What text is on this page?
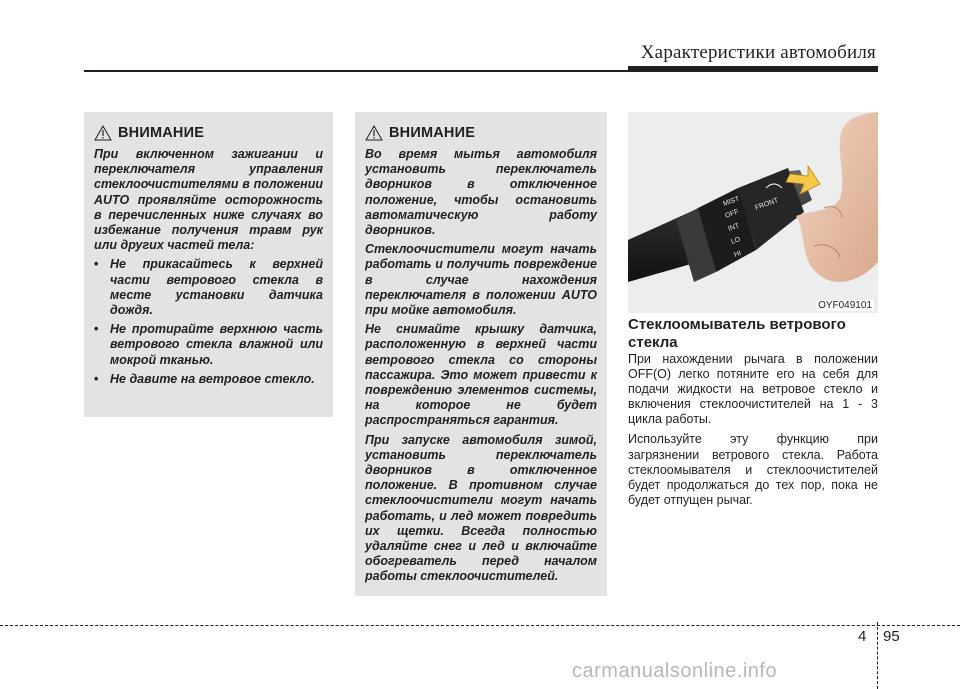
Характеристики автомобиля
ВНИМАНИЕ

При включенном зажигании и переключателя управления стеклоочистителями в положении AUTO проявляйте осторожность в перечисленных ниже случаях во избежание получения травм рук или других частей тела:

• Не прикасайтесь к верхней части ветрового стекла в месте установки датчика дождя.
• Не протирайте верхнюю часть ветрового стекла влажной или мокрой тканью.
• Не давите на ветровое стекло.
ВНИМАНИЕ

Во время мытья автомобиля установить переключатель дворников в отключенное положение, чтобы остановить автоматическую работу дворников.

Стеклоочистители могут начать работать и получить повреждение в случае нахождения переключателя в положении AUTO при мойке автомобиля.

Не снимайте крышку датчика, расположенную в верхней части ветрового стекла со стороны пассажира. Это может привести к повреждению элементов системы, на которое не будет распространяться гарантия.

При запуске автомобиля зимой, установить переключатель дворников в отключенное положение. В противном случае стеклоочистители могут начать работать, и лед может повредить их щетки. Всегда полностью удаляйте снег и лед и включайте обогреватель перед началом работы стеклоочистителей.

MIST
OFF
INT
LO
HI
FRONT
OYF049101
Стеклоомыватель ветрового стекла

При нахождении рычага в положении OFF(O) легко потяните его на себя для подачи жидкости на ветровое стекло и включения стеклоочистителей на 1 - 3 цикла работы.

Используйте эту функцию при загрязнении ветрового стекла. Работа стеклоомывателя и стеклоочистителей будет продолжаться до тех пор, пока не будет отпущен рычаг.

4 95
carmanualsonline.info
